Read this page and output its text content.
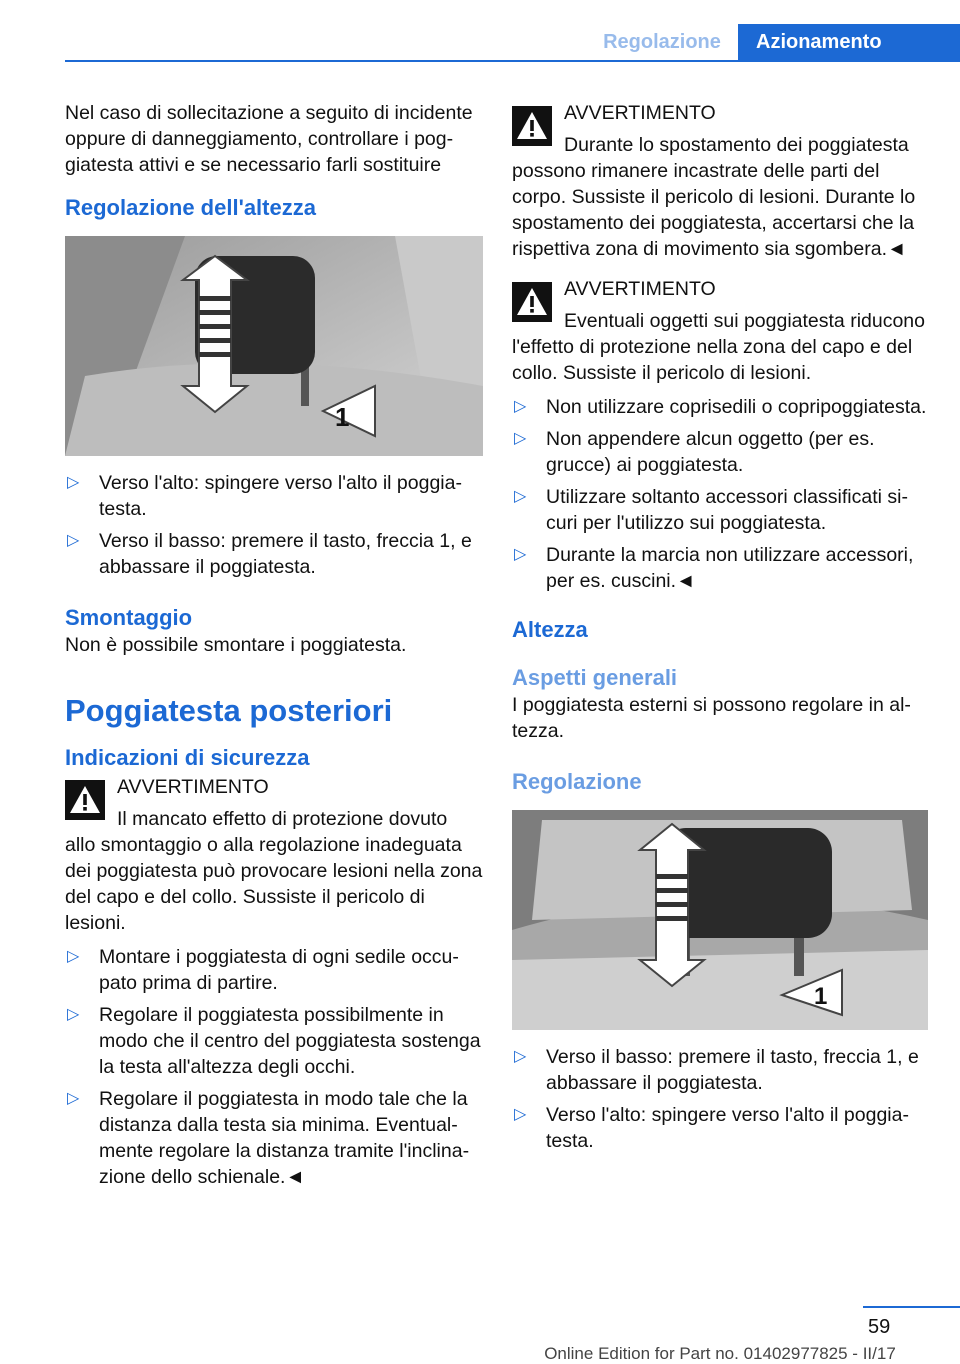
Regolazione	Azionamento

Nel caso di sollecitazione a seguito di incidente oppure di danneggiamento, controllare i poggiatesta attivi e se necessario farli sostituire

Regolazione dell'altezza
1
▷ Verso l'alto: spingere verso l'alto il poggiatesta.
▷ Verso il basso: premere il tasto, freccia 1, e abbassare il poggiatesta.
Smontaggio

Non è possibile smontare i poggiatesta.

Poggiatesta posteriori
Indicazioni di sicurezza

AVVERTIMENTO

Il mancato effetto di protezione dovuto allo smontaggio o alla regolazione inadeguata dei poggiatesta può provocare lesioni nella zona del capo e del collo. Sussiste il pericolo di lesioni.

▷ Montare i poggiatesta di ogni sedile occupato prima di partire.
▷ Regolare il poggiatesta possibilmente in modo che il centro del poggiatesta sostenga la testa all'altezza degli occhi.
▷ Regolare il poggiatesta in modo tale che la distanza dalla testa sia minima. Eventualmente regolare la distanza tramite l'inclinazione dello schienale.◄

AVVERTIMENTO

Durante lo spostamento dei poggiatesta possono rimanere incastrate delle parti del corpo. Sussiste il pericolo di lesioni. Durante lo spostamento dei poggiatesta, accertarsi che la rispettiva zona di movimento sia sgombera.◄

AVVERTIMENTO

Eventuali oggetti sui poggiatesta riducono l'effetto di protezione nella zona del capo e del collo. Sussiste il pericolo di lesioni.

▷ Non utilizzare coprisedili o copripoggiatesta.
▷ Non appendere alcun oggetto (per es. grucce) ai poggiatesta.
▷ Utilizzare soltanto accessori classificati sicuri per l'utilizzo sui poggiatesta.
▷ Durante la marcia non utilizzare accessori, per es. cuscini.◄
Altezza
Aspetti generali

I poggiatesta esterni si possono regolare in altezza.

Regolazione
1
▷ Verso il basso: premere il tasto, freccia 1, e abbassare il poggiatesta.
▷ Verso l'alto: spingere verso l'alto il poggiatesta.
59
Online Edition for Part no. 01402977825 - II/17
